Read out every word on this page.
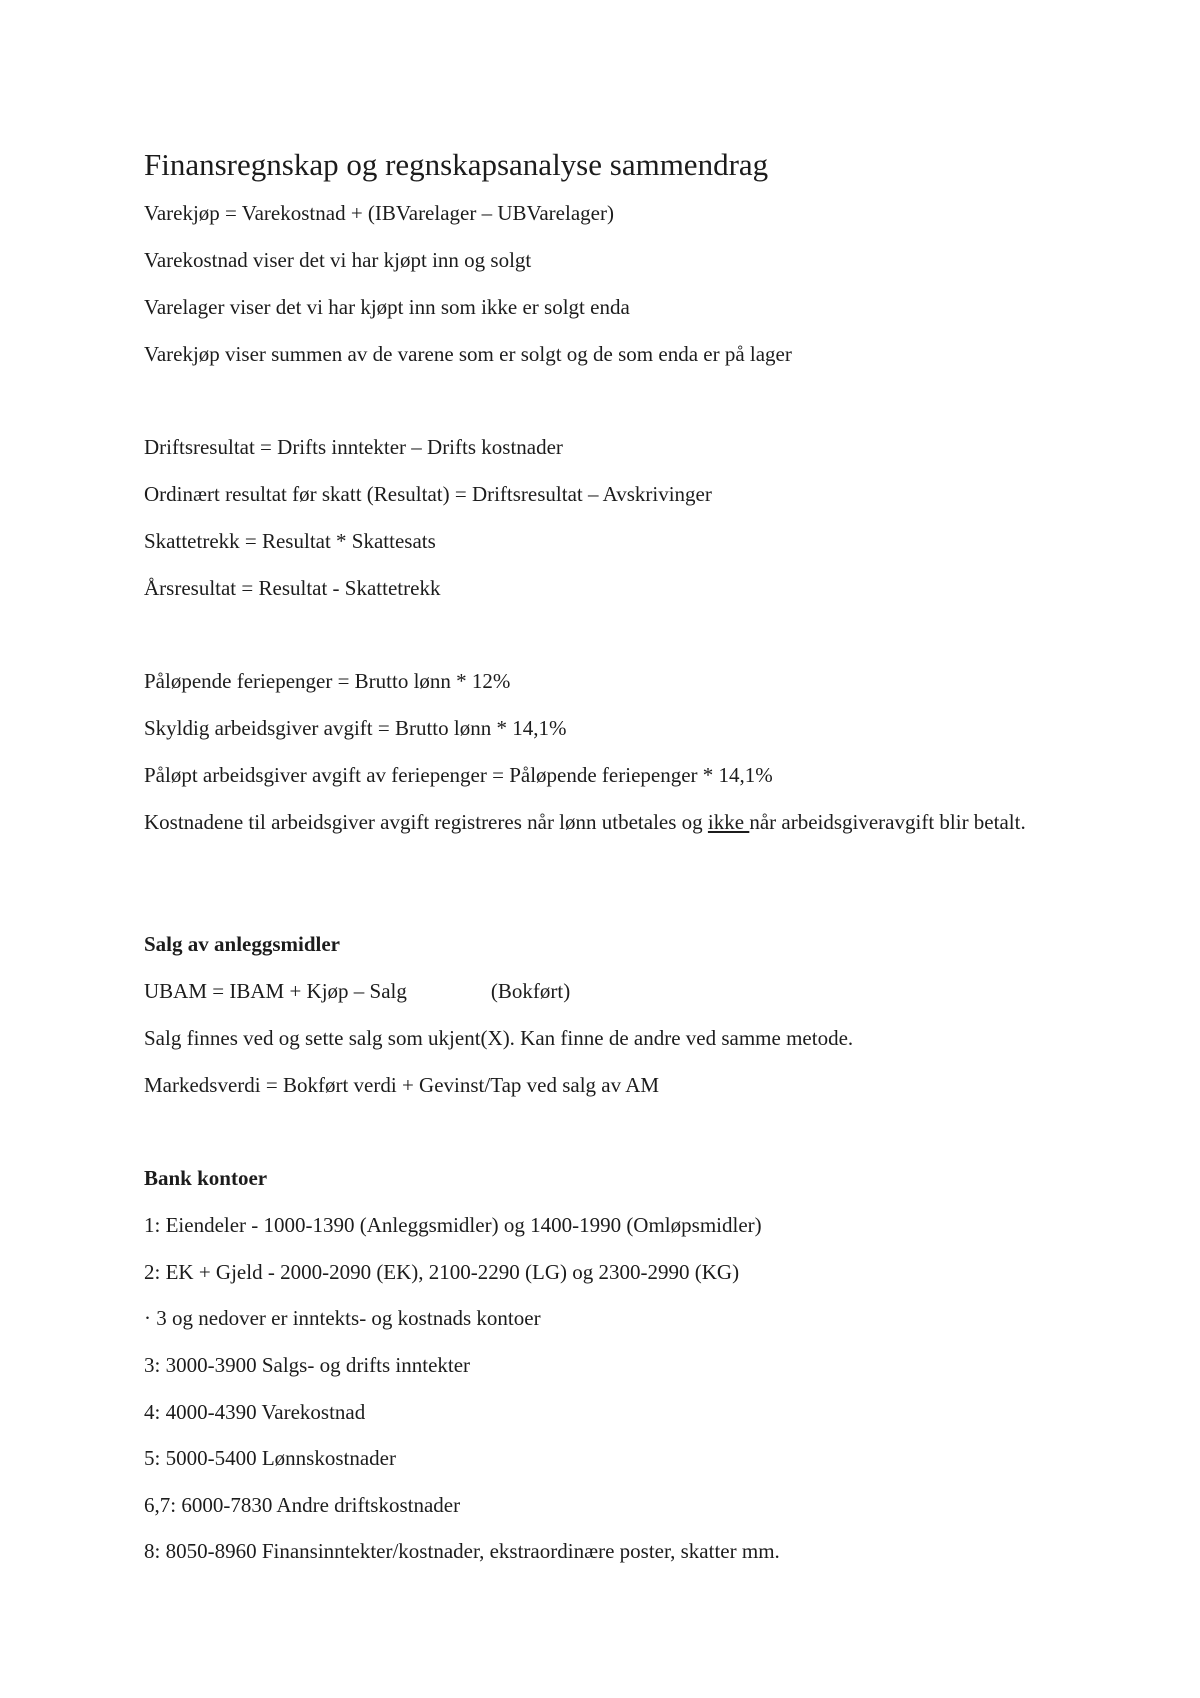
Finansregnskap og regnskapsanalyse sammendrag
Varekjøp = Varekostnad + (IBVarelager – UBVarelager)
Varekostnad viser det vi har kjøpt inn og solgt
Varelager viser det vi har kjøpt inn som ikke er solgt enda
Varekjøp viser summen av de varene som er solgt og de som enda er på lager
Driftsresultat = Drifts inntekter – Drifts kostnader
Ordinært resultat før skatt (Resultat) = Driftsresultat – Avskrivinger
Skattetrekk = Resultat * Skattesats
Årsresultat = Resultat - Skattetrekk
Påløpende feriepenger = Brutto lønn * 12%
Skyldig arbeidsgiver avgift = Brutto lønn * 14,1%
Påløpt arbeidsgiver avgift av feriepenger = Påløpende feriepenger * 14,1%
Kostnadene til arbeidsgiver avgift registreres når lønn utbetales og ikke når arbeidsgiveravgift blir betalt.
Salg av anleggsmidler
UBAM = IBAM + Kjøp – Salg	(Bokført)
Salg finnes ved og sette salg som ukjent(X). Kan finne de andre ved samme metode.
Markedsverdi = Bokført verdi + Gevinst/Tap ved salg av AM
Bank kontoer
1: Eiendeler - 1000-1390 (Anleggsmidler) og 1400-1990 (Omløpsmidler)
2: EK + Gjeld - 2000-2090 (EK), 2100-2290 (LG) og 2300-2990 (KG)
· 3 og nedover er inntekts- og kostnads kontoer
3: 3000-3900 Salgs- og drifts inntekter
4: 4000-4390 Varekostnad
5: 5000-5400 Lønnskostnader
6,7: 6000-7830 Andre driftskostnader
8: 8050-8960 Finansinntekter/kostnader, ekstraordinære poster, skatter mm.
